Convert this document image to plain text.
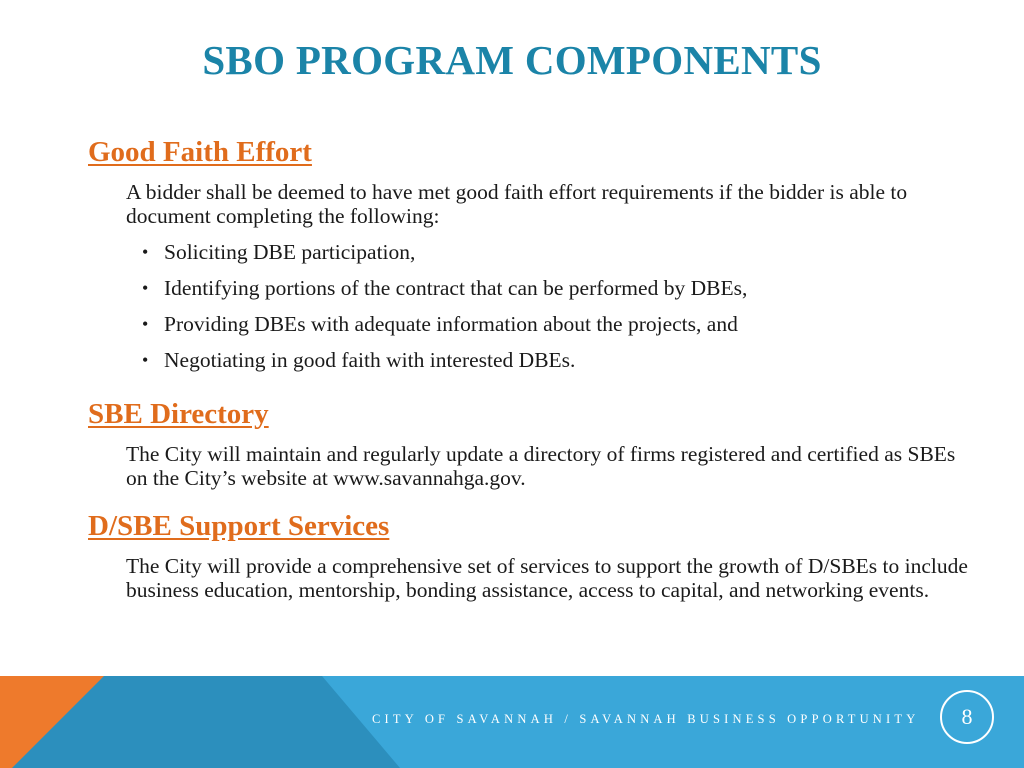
SBO PROGRAM COMPONENTS
Good Faith Effort
A bidder shall be deemed to have met good faith effort requirements if the bidder is able to document completing the following:
• Soliciting DBE participation,
• Identifying portions of the contract that can be performed by DBEs,
• Providing DBEs with adequate information about the projects, and
• Negotiating in good faith with interested DBEs.
SBE Directory
The City will maintain and regularly update a directory of firms registered and certified as SBEs on the City’s website at www.savannahga.gov.
D/SBE Support Services
The City will provide a comprehensive set of services to support the growth of D/SBEs to include business education, mentorship, bonding assistance, access to capital, and networking events.
CITY OF SAVANNAH / SAVANNAH BUSINESS OPPORTUNITY	8
